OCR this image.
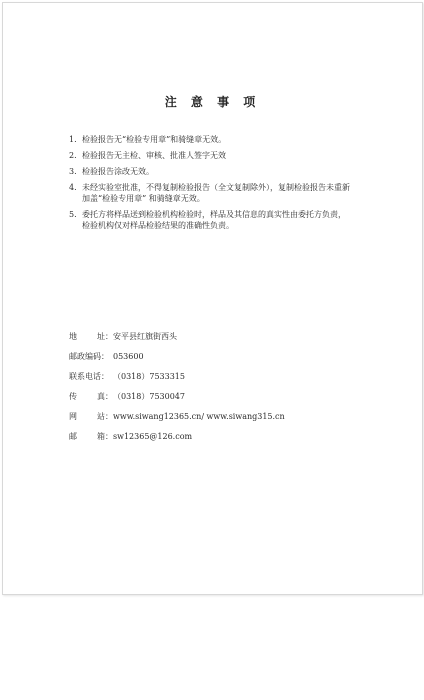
注 意 事 项
1. 检验报告无“检验专用章”和骑缝章无效。
2. 检验报告无主检、审核、批准人签字无效
3. 检验报告涂改无效。
4. 未经实验室批准，不得复制检验报告（全文复制除外），复制检验报告未重新
加盖“检验专用章” 和骑缝章无效。
5. 委托方将样品送到检验机构检验时，样品及其信息的真实性由委托方负责，
检验机构仅对样品检验结果的准确性负责。
地	址： 安平县红旗街西头
邮政编码： 053600
联系电话： （0318）7533315
传	真： （0318）7530047
网	站： www.siwang12365.cn/ www.siwang315.cn
邮	箱： sw12365@126.com
